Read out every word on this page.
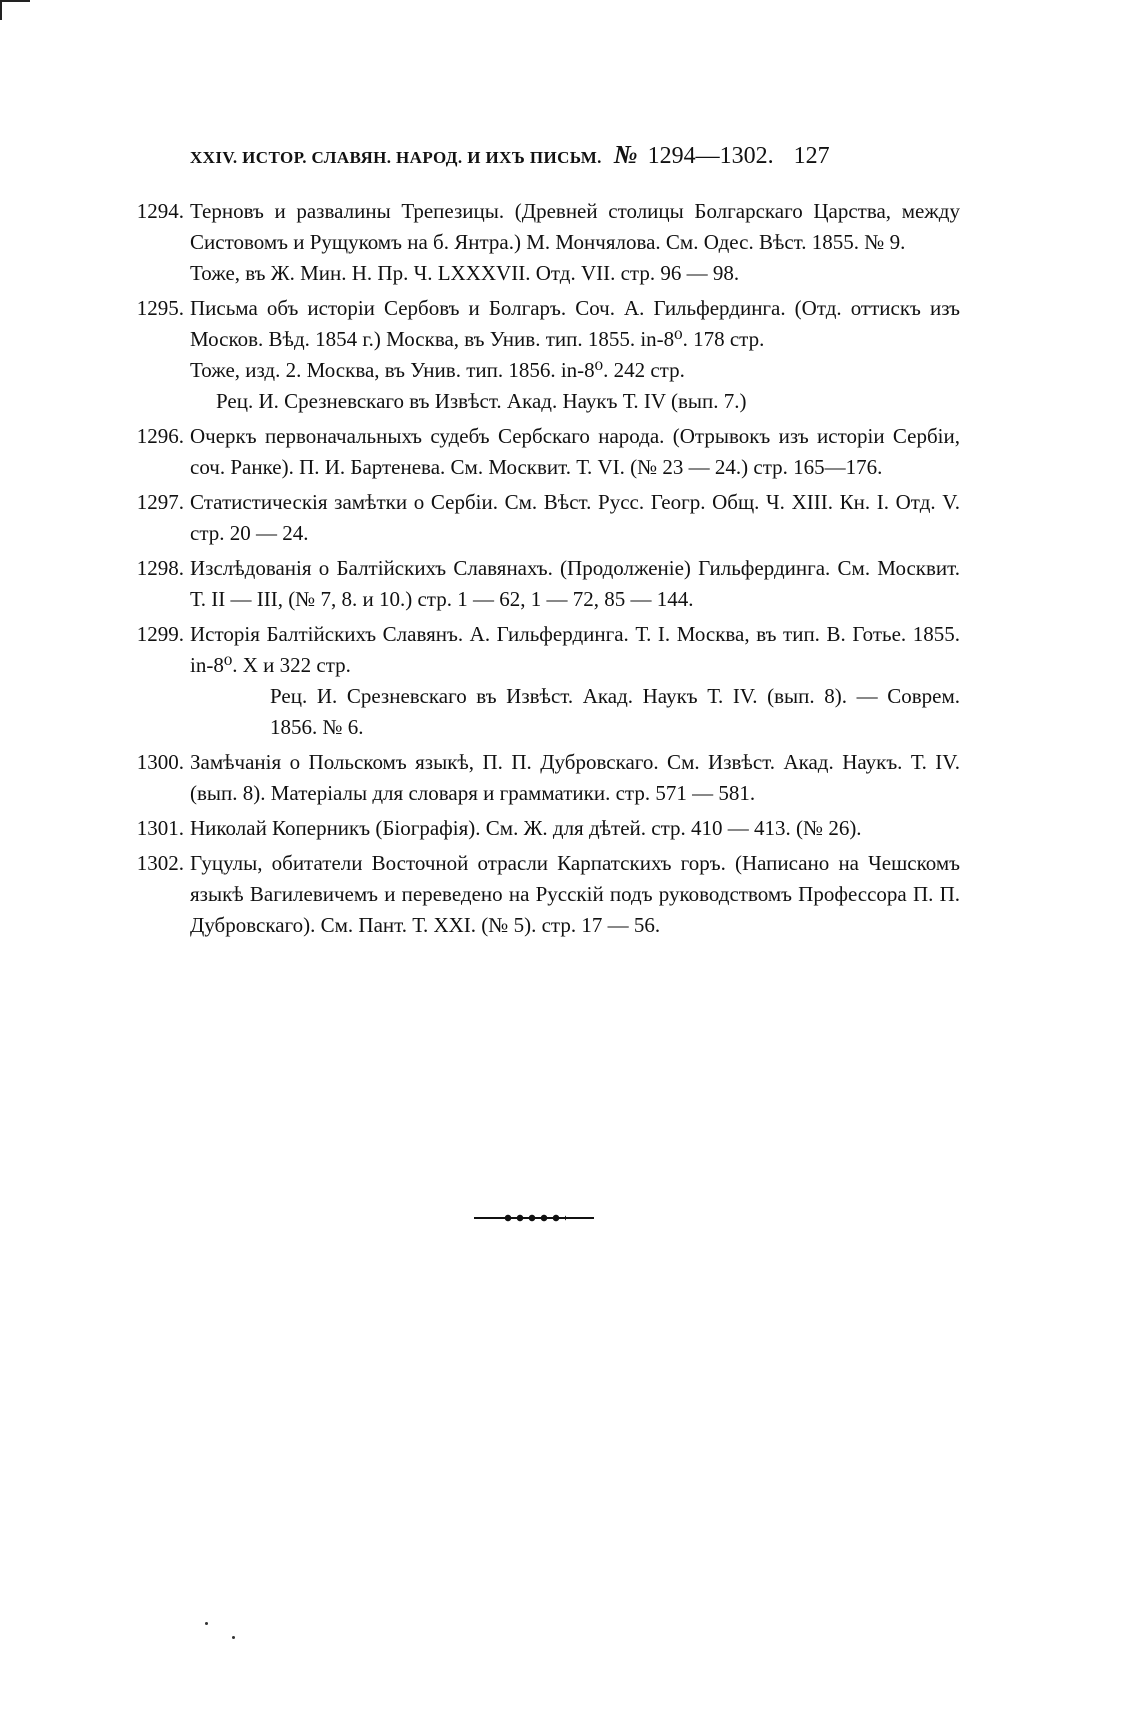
XXIV. ИСТОР. СЛАВЯН. НАРОД. И ИХЪ ПИСЬМ. № 1294—1302. 127
1294. Терновъ и развалины Трепезицы. (Древней столицы Болгарскаго Царства, между Систовомъ и Рущукомъ на б. Янтра.) М. Мончялова. См. Одес. Вѣст. 1855. № 9.
Тоже, въ Ж. Мин. Н. Пр. Ч. LXXXVII. Отд. VII. стр. 96 — 98.
1295. Письма объ исторіи Сербовъ и Болгаръ. Соч. А. Гильфердинга. (Отд. оттискъ изъ Москов. Вѣд. 1854 г.) Москва, въ Унив. тип. 1855. in-8⁰. 178 стр.
Тоже, изд. 2. Москва, въ Унив. тип. 1856. in-8⁰. 242 стр.
Рец. И. Срезневскаго въ Извѣст. Акад. Наукъ Т. IV (вып. 7.)
1296. Очеркъ первоначальныхъ судебъ Сербскаго народа. (Отрывокъ изъ исторіи Сербіи, соч. Ранке). П. И. Бартенева. См. Москвит. Т. VI. (№ 23 — 24.) стр. 165—176.
1297. Статистическія замѣтки о Сербіи. См. Вѣст. Русс. Геогр. Общ. Ч. XIII. Кн. I. Отд. V. стр. 20 — 24.
1298. Изслѣдованія о Балтійскихъ Славянахъ. (Продолженіе) Гильфердинга. См. Москвит. Т. II — III, (№ 7, 8. и 10.) стр. 1 — 62, 1 — 72, 85 — 144.
1299. Исторія Балтійскихъ Славянъ. А. Гильфердинга. Т. I. Москва, въ тип. В. Готье. 1855. in-8⁰. X и 322 стр.
Рец. И. Срезневскаго въ Извѣст. Акад. Наукъ Т. IV. (вып. 8). — Соврем. 1856. № 6.
1300. Замѣчанія о Польскомъ языкѣ, П. П. Дубровскаго. См. Извѣст. Акад. Наукъ. Т. IV. (вып. 8). Матеріалы для словаря и грамматики. стр. 571 — 581.
1301. Николай Коперникъ (Біографія). См. Ж. для дѣтей. стр. 410 — 413. (№ 26).
1302. Гуцулы, обитатели Восточной отрасли Карпатскихъ горъ. (Написано на Чешскомъ языкѣ Вагилевичемъ и переведено на Русскій подъ руководствомъ Профессора П. П. Дубровскаго). См. Пант. Т. XXI. (№ 5). стр. 17 — 56.
